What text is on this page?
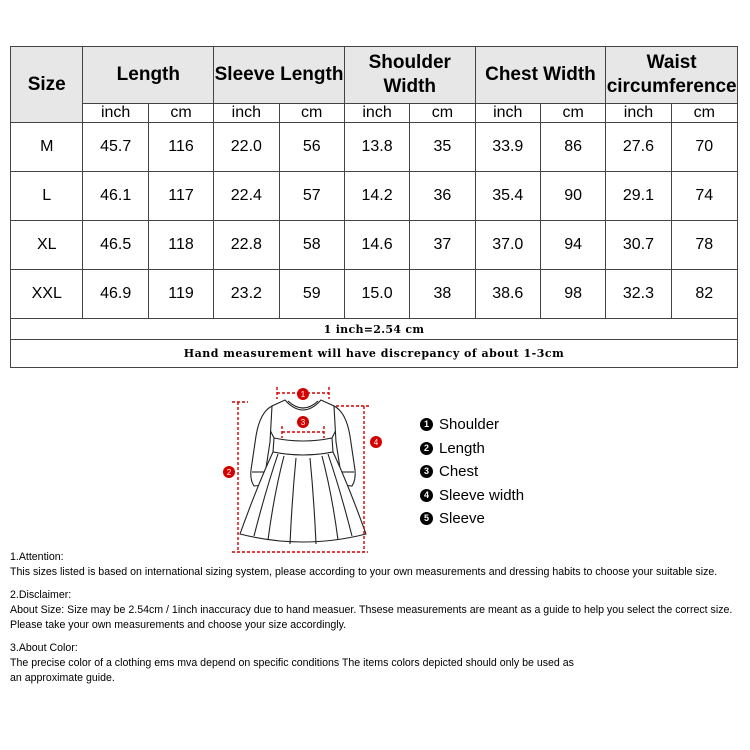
Size	Length		Sleeve Length		Shoulder Width		Chest Width		Waist circumference	
	inch	cm	inch	cm	inch	cm	inch	cm	inch	cm
M	45.7	116	22.0	56	13.8	35	33.9	86	27.6	70
L	46.1	117	22.4	57	14.2	36	35.4	90	29.1	74
XL	46.5	118	22.8	58	14.6	37	37.0	94	30.7	78
XXL	46.9	119	23.2	59	15.0	38	38.6	98	32.3	82
1 inch=2.54 cm										
Hand measurement will have discrepancy of about 1-3cm										
1
2
3
4
1 Shoulder
2 Length
3 Chest
4 Sleeve width
5 Sleeve
1.Attention:
This sizes listed is based on international sizing system, please according to your own measurements and dressing habits to choose your suitable size.
2.Disclaimer:
About Size: Size may be 2.54cm / 1inch inaccuracy due to hand measuer. Thsese measurements are meant as a guide to help you select the correct size.
Please take your own measurements and choose your size accordingly.
3.About Color:
The precise color of a clothing ems mva depend on specific conditions The items colors depicted should only be used as
an approximate guide.
